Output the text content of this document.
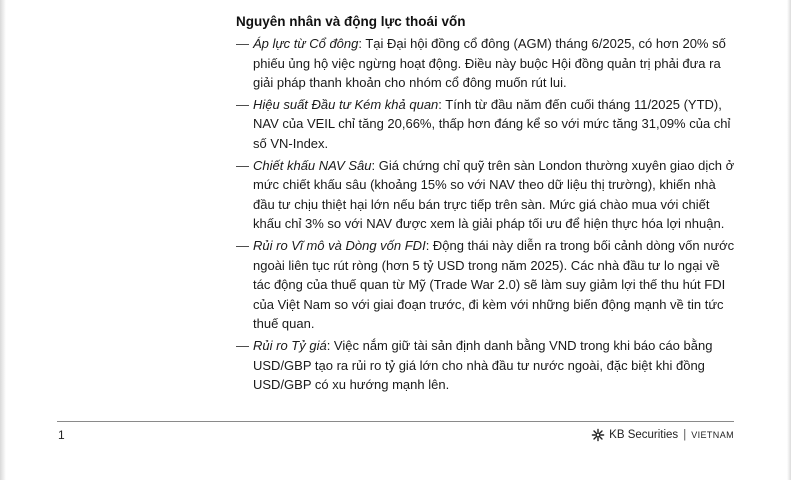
Nguyên nhân và động lực thoái vốn
— Áp lực từ Cổ đông: Tại Đại hội đồng cổ đông (AGM) tháng 6/2025, có hơn 20% số phiếu ủng hộ việc ngừng hoạt động. Điều này buộc Hội đồng quản trị phải đưa ra giải pháp thanh khoản cho nhóm cổ đông muốn rút lui.
— Hiệu suất Đầu tư Kém khả quan: Tính từ đầu năm đến cuối tháng 11/2025 (YTD), NAV của VEIL chỉ tăng 20,66%, thấp hơn đáng kể so với mức tăng 31,09% của chỉ số VN-Index.
— Chiết khấu NAV Sâu: Giá chứng chỉ quỹ trên sàn London thường xuyên giao dịch ở mức chiết khấu sâu (khoảng 15% so với NAV theo dữ liệu thị trường), khiến nhà đầu tư chịu thiệt hại lớn nếu bán trực tiếp trên sàn. Mức giá chào mua với chiết khấu chỉ 3% so với NAV được xem là giải pháp tối ưu để hiện thực hóa lợi nhuận.
— Rủi ro Vĩ mô và Dòng vốn FDI: Động thái này diễn ra trong bối cảnh dòng vốn nước ngoài liên tục rút ròng (hơn 5 tỷ USD trong năm 2025). Các nhà đầu tư lo ngại về tác động của thuế quan từ Mỹ (Trade War 2.0) sẽ làm suy giảm lợi thế thu hút FDI của Việt Nam so với giai đoạn trước, đi kèm với những biến động mạnh về tin tức thuế quan.
— Rủi ro Tỷ giá: Việc nắm giữ tài sản định danh bằng VND trong khi báo cáo bằng USD/GBP tạo ra rủi ro tỷ giá lớn cho nhà đầu tư nước ngoài, đặc biệt khi đồng USD/GBP có xu hướng mạnh lên.
1	KB Securities | VIETNAM
